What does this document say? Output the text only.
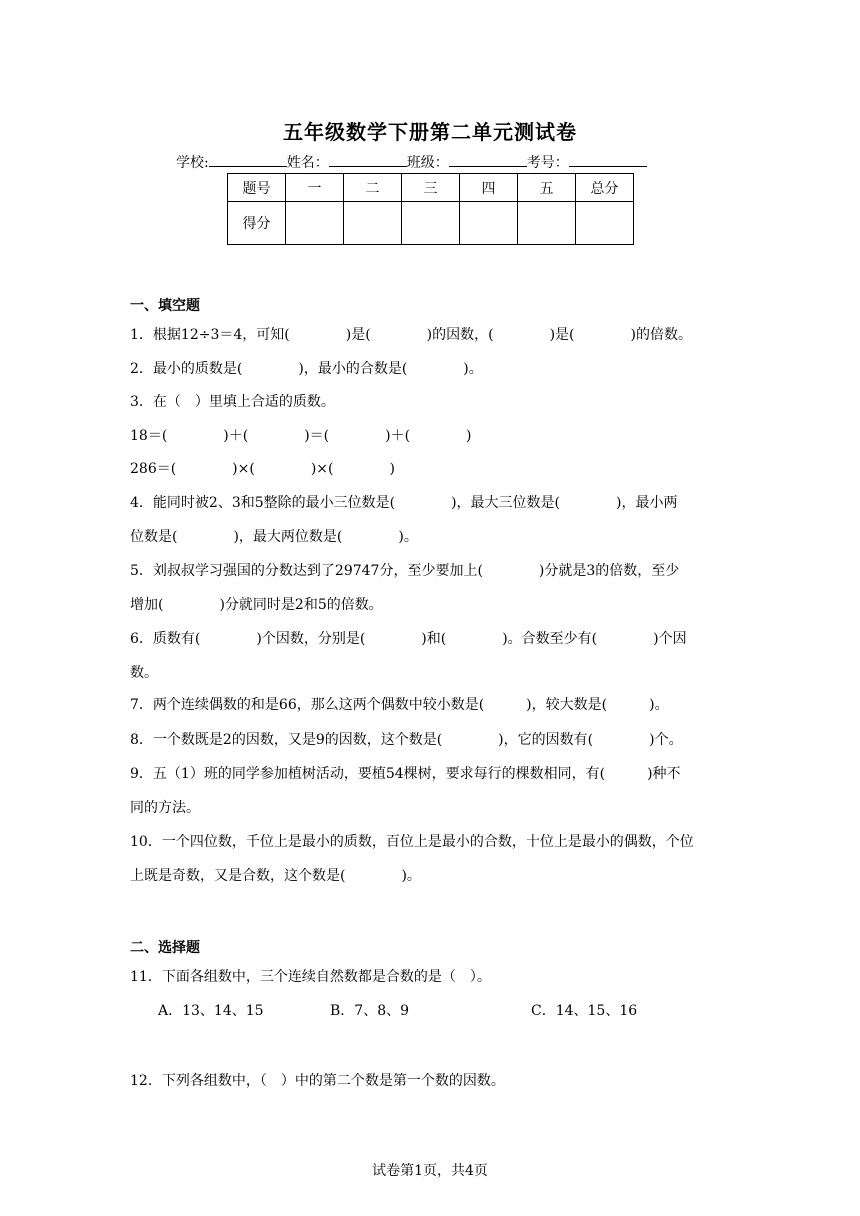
五年级数学下册第二单元测试卷
学校:	姓名：	班级：	考号：
题号	一	二	三	四	五	总分
得分						
一、填空题
1．根据12÷3＝4，可知(　　　　)是(　　　　)的因数，(　　　　)是(　　　　)的倍数。
2．最小的质数是(　　　　)，最小的合数是(　　　　)。
3．在（　）里填上合适的质数。
18＝(　　　　)＋(　　　　)＝(　　　　)＋(　　　　)
286＝(　　　　)×(　　　　)×(　　　　)
4．能同时被2、3和5整除的最小三位数是(　　　　)，最大三位数是(　　　　)，最小两
位数是(　　　　)，最大两位数是(　　　　)。
5．刘叔叔学习强国的分数达到了29747分，至少要加上(　　　　)分就是3的倍数，至少
增加(　　　　)分就同时是2和5的倍数。
6．质数有(　　　　)个因数，分别是(　　　　)和(　　　　)。合数至少有(　　　　)个因
数。
7．两个连续偶数的和是66，那么这两个偶数中较小数是(　　　)，较大数是(　　　)。
8．一个数既是2的因数，又是9的因数，这个数是(　　　　)，它的因数有(　　　　)个。
9．五（1）班的同学参加植树活动，要植54棵树，要求每行的棵数相同，有(　　　)种不
同的方法。
10．一个四位数，千位上是最小的质数，百位上是最小的合数，十位上是最小的偶数，个位
上既是奇数，又是合数，这个数是(　　　　)。
二、选择题
11．下面各组数中，三个连续自然数都是合数的是（　）。
A．13、14、15	B．7、8、9	C．14、15、16
12．下列各组数中，（　）中的第二个数是第一个数的因数。
试卷第1页，共4页
